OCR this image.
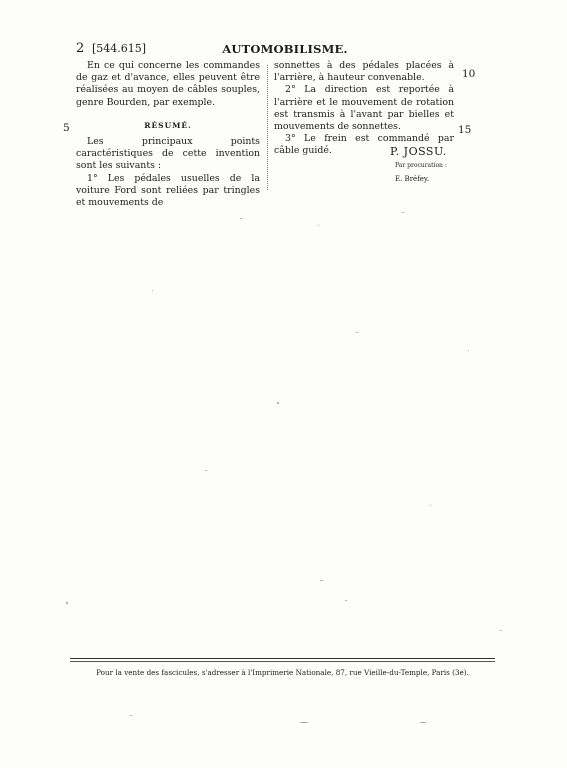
2 [544.615]	AUTOMOBILISME.
5
10
15

En ce qui concerne les commandes de gaz et d'avance, elles peuvent être réalisées au moyen de câbles souples, genre Bourden, par exemple.

RÉSUMÉ.

Les principaux points caractéristiques de cette invention sont les suivants :

1° Les pédales usuelles de la voiture Ford sont reliées par tringles et mouvements de

sonnettes à des pédales placées à l'arrière, à hauteur convenable.

2° La direction est reportée à l'arrière et le mouvement de rotation est transmis à l'avant par bielles et mouvements de sonnettes.

3° Le frein est commandé par câble guidé.	P. JOSSU.
Par procuration :
E. Bréfey.
Pour la vente des fascicules, s'adresser à l'Imprimerie Nationale, 87, rue Vieille-du-Temple, Paris (3e).
